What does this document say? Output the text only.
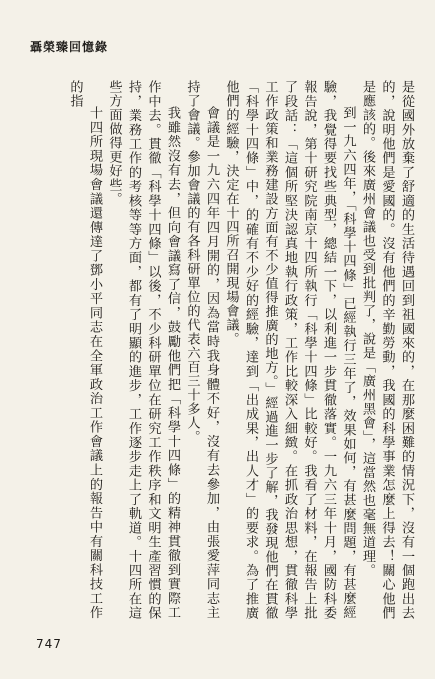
聶榮臻回憶錄

是從國外放棄了舒適的生活待遇回到祖國來的，在那麼困難的情況下，沒有一個跑出去的，說明他們是愛國的。沒有他們的辛勤勞動，我國的科學事業怎麼上得去！關心他們是應該的。後來廣州會議也受到批判了，說是「廣州黑會」，這當然也毫無道理。

到一九六四年，「科學十四條」已經執行三年了，效果如何，有甚麼問題，有甚麼經驗，我覺得要找些典型，總結一下，以利進一步貫徹落實。一九六三年十月，國防科委報告說，第十研究院南京十四所執行「科學十四條」比較好。我看了材料，在報告上批了段話：「這個所堅決認真地執行政策，工作比較深入細緻。在抓政治思想，貫徹科學工作政策和業務建設方面有不少值得推廣的地方。」經過進一步了解，我發現他們在貫徹「科學十四條」中，的確有不少好的經驗，達到「出成果，出人才」的要求。為了推廣他們的經驗，決定在十四所召開現場會議。

會議是一九六四年四月開的，因為當時我身體不好，沒有去參加，由張愛萍同志主持了會議。參加會議的有各科研單位的代表六百三十多人。

我雖然沒有去，但向會議寫了信，鼓勵他們把「科學十四條」的精神貫徹到實際工作中去。貫徹「科學十四條」以後，不少科研單位在研究工作秩序和文明生產習慣的保持，業務工作的考核等等方面，都有了明顯的進步，工作逐步走上了軌道。十四所在這些方面做得更好些。

十四所現場會議還傳達了鄧小平同志在全軍政治工作會議上的報告中有關科技工作的指

747
